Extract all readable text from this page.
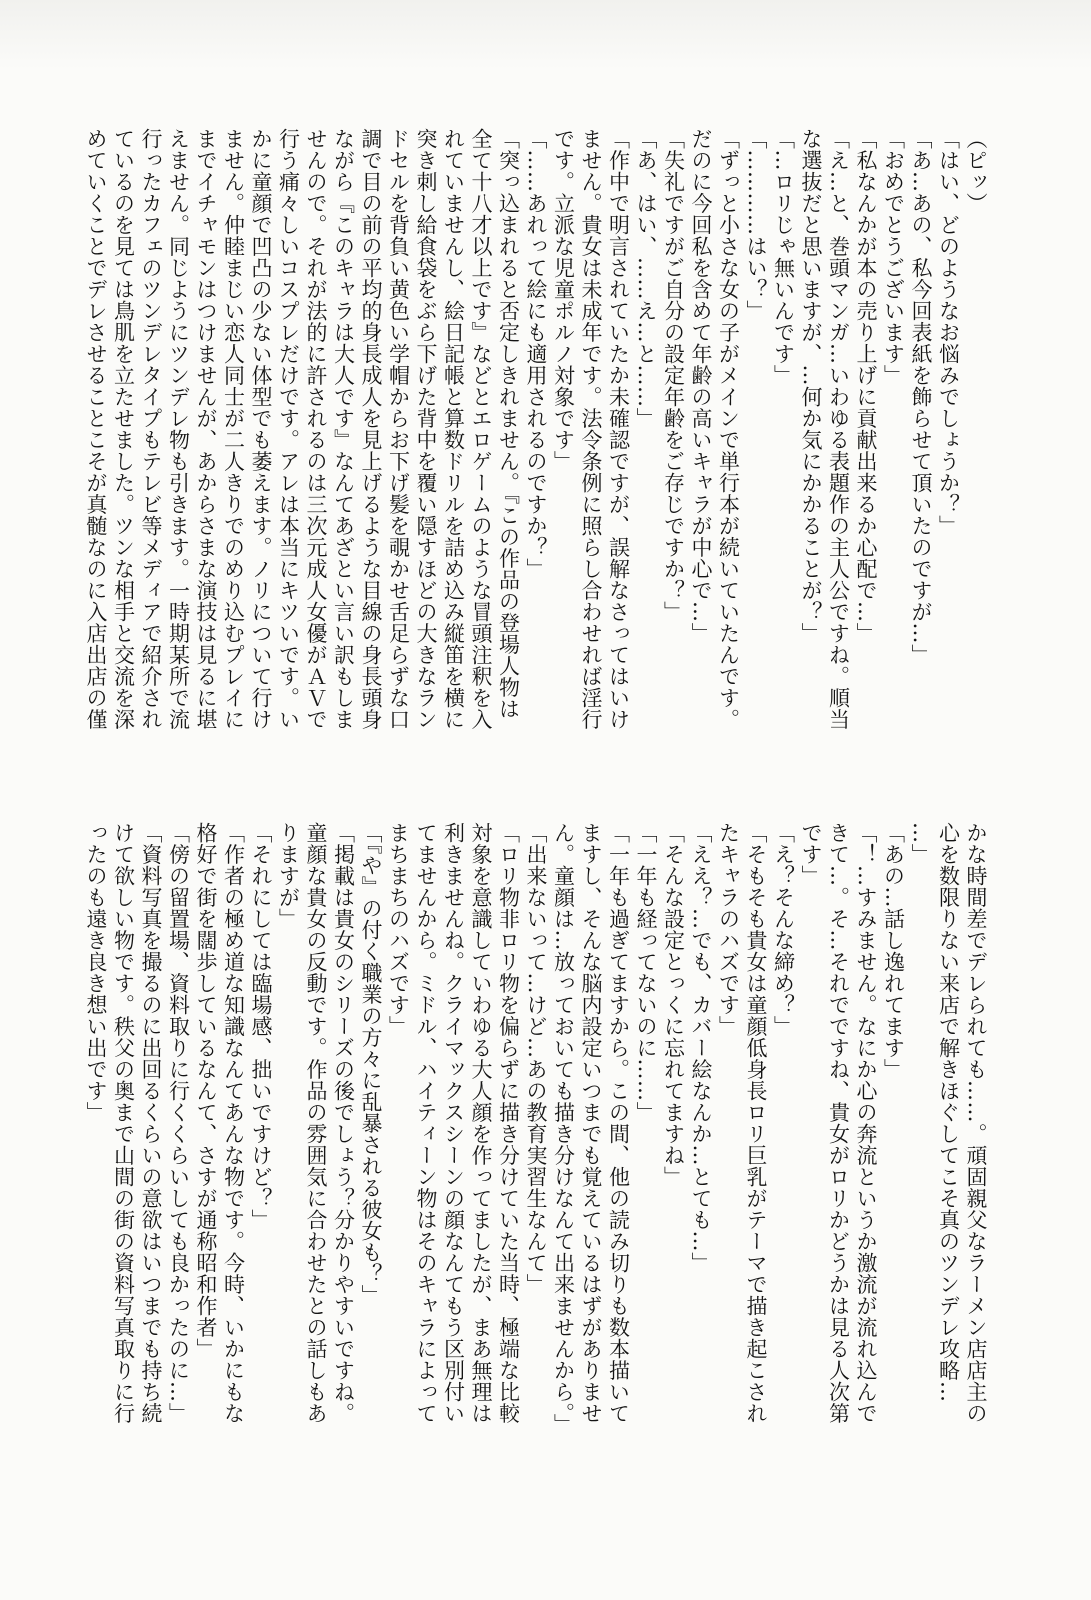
（ピッ）
「はい、どのようなお悩みでしょうか？」
「あ…あの、私今回表紙を飾らせて頂いたのですが…」
「おめでとうございます」
「私なんかが本の売り上げに貢献出来るか心配で…」
「え…と、巻頭マンガ…いわゆる表題作の主人公ですね。順当
な選抜だと思いますが、…何か気にかかることが？」
「…ロリじゃ無いんです」
「…………はい？」
「ずっと小さな女の子がメインで単行本が続いていたんです。
だのに今回私を含めて年齢の高いキャラが中心で…」
「失礼ですがご自分の設定年齢をご存じですか？」
「あ、はい、……え…と……」
「作中で明言されていたか未確認ですが、誤解なさってはいけ
ません。貴女は未成年です。法令条例に照らし合わせれば淫行
です。立派な児童ポルノ対象です」
「……あれって絵にも適用されるのですか？」
「突っ込まれると否定しきれません。『この作品の登場人物は
全て十八才以上です』などとエロゲームのような冒頭注釈を入
れていませんし、絵日記帳と算数ドリルを詰め込み縦笛を横に
突き刺し給食袋をぶら下げた背中を覆い隠すほどの大きなラン
ドセルを背負い黄色い学帽からお下げ髪を覗かせ舌足らずな口
調で目の前の平均的身長成人を見上げるような目線の身長頭身
ながら『このキャラは大人です』なんてあざとい言い訳もしま
せんので。それが法的に許されるのは三次元成人女優がＡＶで
行う痛々しいコスプレだけです。アレは本当にキツいです。い
かに童顔で凹凸の少ない体型でも萎えます。ノリについて行け
ません。仲睦まじい恋人同士が二人きりでのめり込むプレイに
までイチャモンはつけませんが、あからさまな演技は見るに堪
えません。同じようにツンデレ物も引きます。一時期某所で流
行ったカフェのツンデレタイプもテレビ等メディアで紹介され
ているのを見ては鳥肌を立たせました。ツンな相手と交流を深
めていくことでデレさせることこそが真髄なのに入店出店の僅
かな時間差でデレられても……。頑固親父なラーメン店店主の
心を数限りない来店で解きほぐしてこそ真のツンデレ攻略…
…」
「あの…話し逸れてます」
「！…すみません。なにか心の奔流というか激流が流れ込んで
きて…。そ…それでですね、貴女がロリかどうかは見る人次第
です」
「え？そんな締め？」
「そもそも貴女は童顔低身長ロリ巨乳がテーマで描き起こされ
たキャラのハズです」
「ええ？…でも、カバー絵なんか…とても…」
「そんな設定とっくに忘れてますね」
「一年も経ってないのに……」
「一年も過ぎてますから。この間、他の読み切りも数本描いて
ますし、そんな脳内設定いつまでも覚えているはずがありませ
ん。童顔は…放っておいても描き分けなんて出来ませんから。」
「出来ないって…けど…あの教育実習生なんて」
「ロリ物非ロリ物を偏らずに描き分けていた当時、極端な比較
対象を意識していわゆる大人顔を作ってましたが、まあ無理は
利きませんね。クライマックスシーンの顔なんてもう区別付い
てませんから。ミドル、ハイティーン物はそのキャラによって
まちまちのハズです」
「『や』の付く職業の方々に乱暴される彼女も？」
「掲載は貴女のシリーズの後でしょう？分かりやすいですね。
童顔な貴女の反動です。作品の雰囲気に合わせたとの話しもあ
りますが」
「それにしては臨場感、拙いですけど？」
「作者の極め道な知識なんてあんな物です。今時、いかにもな
格好で街を闊歩しているなんて、さすが通称昭和作者」
「傍の留置場、資料取りに行くくらいしても良かったのに…」
「資料写真を撮るのに出回るくらいの意欲はいつまでも持ち続
けて欲しい物です。秩父の奥まで山間の街の資料写真取りに行
ったのも遠き良き想い出です」
